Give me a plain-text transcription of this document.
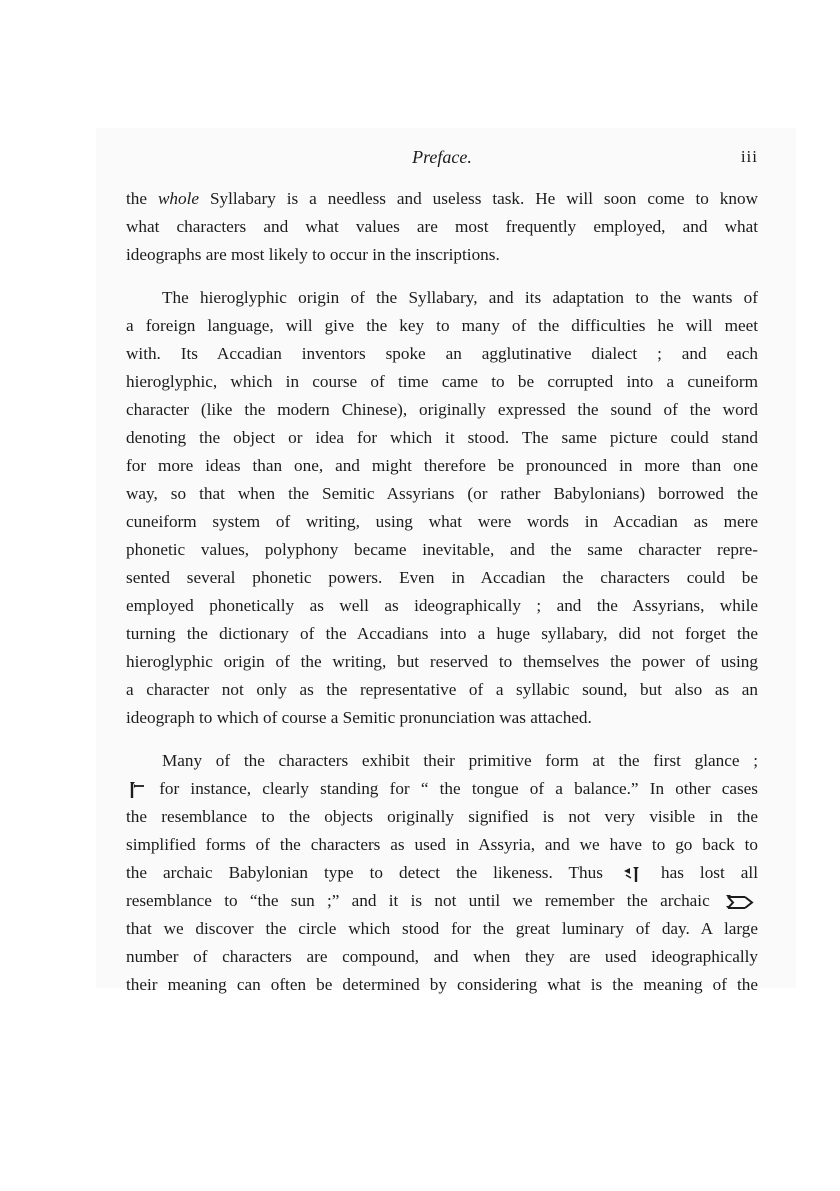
Preface.	iii
the whole Syllabary is a needless and useless task. He will soon come to know
what characters and what values are most frequently employed, and what
ideographs are most likely to occur in the inscriptions.
The hieroglyphic origin of the Syllabary, and its adaptation to the wants of
a foreign language, will give the key to many of the difficulties he will meet
with. Its Accadian inventors spoke an agglutinative dialect ; and each
hieroglyphic, which in course of time came to be corrupted into a cuneiform
character (like the modern Chinese), originally expressed the sound of the word
denoting the object or idea for which it stood. The same picture could stand
for more ideas than one, and might therefore be pronounced in more than one
way, so that when the Semitic Assyrians (or rather Babylonians) borrowed the
cuneiform system of writing, using what were words in Accadian as mere
phonetic values, polyphony became inevitable, and the same character repre-
sented several phonetic powers. Even in Accadian the characters could be
employed phonetically as well as ideographically ; and the Assyrians, while
turning the dictionary of the Accadians into a huge syllabary, did not forget the
hieroglyphic origin of the writing, but reserved to themselves the power of using
a character not only as the representative of a syllabic sound, but also as an
ideograph to which of course a Semitic pronunciation was attached.
Many of the characters exhibit their primitive form at the first glance ;
for instance, clearly standing for “ the tongue of a balance.” In other cases
the resemblance to the objects originally signified is not very visible in the
simplified forms of the characters as used in Assyria, and we have to go back to
the archaic Babylonian type to detect the likeness. Thus
has lost all
resemblance to “the sun ;” and it is not until we remember the archaic
that we discover the circle which stood for the great luminary of day. A large
number of characters are compound, and when they are used ideographically
their meaning can often be determined by considering what is the meaning of the
